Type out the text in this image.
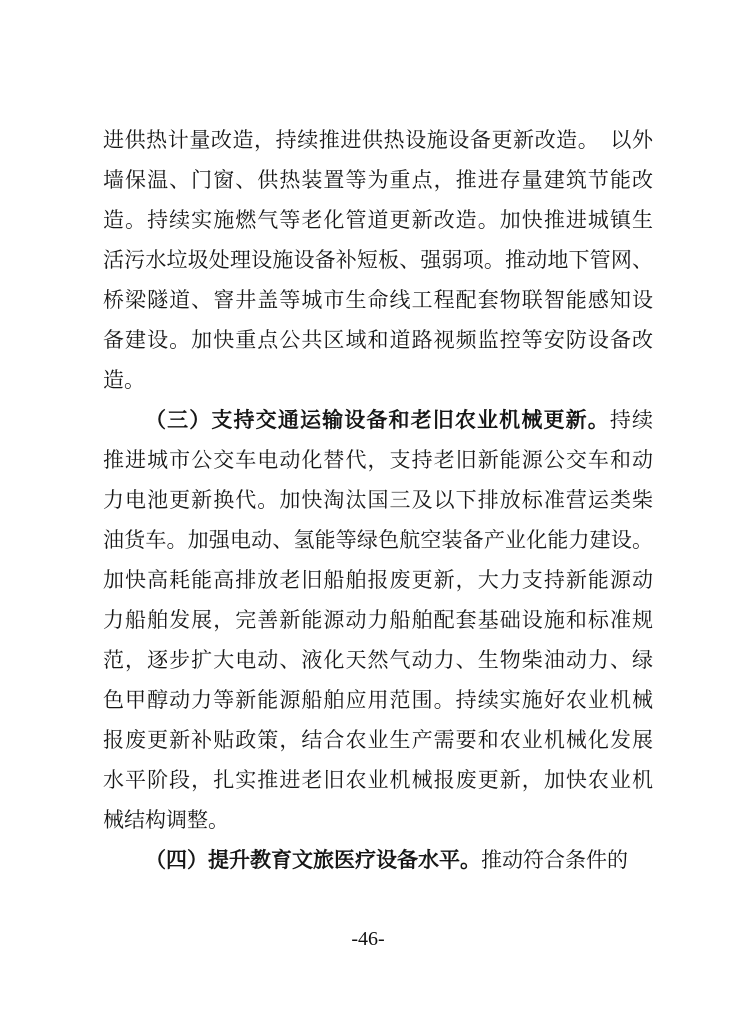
进供热计量改造，持续推进供热设施设备更新改造。　以外
墙保温、门窗、供热装置等为重点，推进存量建筑节能改
造。持续实施燃气等老化管道更新改造。加快推进城镇生
活污水垃圾处理设施设备补短板、强弱项。推动地下管网、
桥梁隧道、窨井盖等城市生命线工程配套物联智能感知设
备建设。加快重点公共区域和道路视频监控等安防设备改
造。
（三）支持交通运输设备和老旧农业机械更新。持续
推进城市公交车电动化替代，支持老旧新能源公交车和动
力电池更新换代。加快淘汰国三及以下排放标准营运类柴
油货车。加强电动、氢能等绿色航空装备产业化能力建设。
加快高耗能高排放老旧船舶报废更新，大力支持新能源动
力船舶发展，完善新能源动力船舶配套基础设施和标准规
范，逐步扩大电动、液化天然气动力、生物柴油动力、绿
色甲醇动力等新能源船舶应用范围。持续实施好农业机械
报废更新补贴政策，结合农业生产需要和农业机械化发展
水平阶段，扎实推进老旧农业机械报废更新，加快农业机
械结构调整。
（四）提升教育文旅医疗设备水平。推动符合条件的
-46-
